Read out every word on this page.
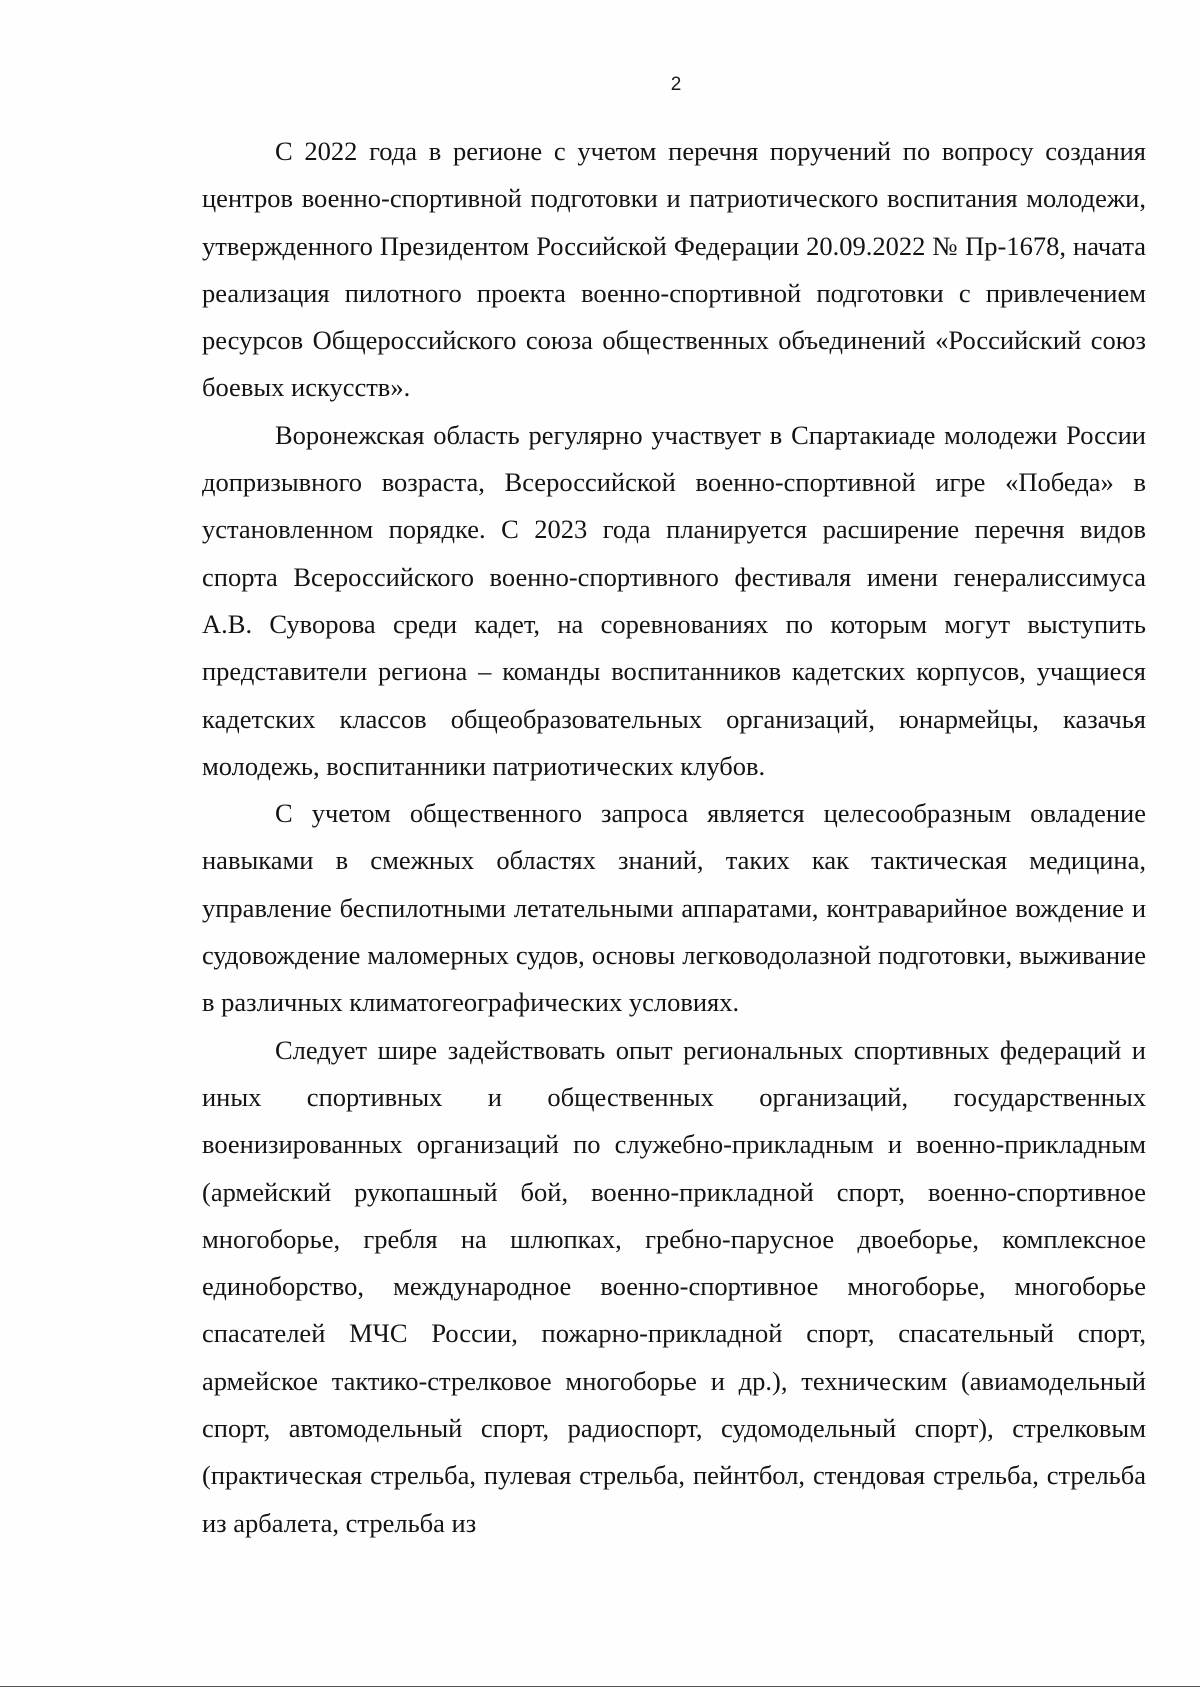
2

С 2022 года в регионе с учетом перечня поручений по вопросу создания центров военно-спортивной подготовки и патриотического воспитания молодежи, утвержденного Президентом Российской Федерации 20.09.2022 № Пр-1678, начата реализация пилотного проекта военно-спортивной подготовки с привлечением ресурсов Общероссийского союза общественных объединений «Российский союз боевых искусств».

Воронежская область регулярно участвует в Спартакиаде молодежи России допризывного возраста, Всероссийской военно-спортивной игре «Победа» в установленном порядке. С 2023 года планируется расширение перечня видов спорта Всероссийского военно-спортивного фестиваля имени генералиссимуса А.В. Суворова среди кадет, на соревнованиях по которым могут выступить представители региона – команды воспитанников кадетских корпусов, учащиеся кадетских классов общеобразовательных организаций, юнармейцы, казачья молодежь, воспитанники патриотических клубов.

С учетом общественного запроса является целесообразным овладение навыками в смежных областях знаний, таких как тактическая медицина, управление беспилотными летательными аппаратами, контраварийное вождение и судовождение маломерных судов, основы легководолазной подготовки, выживание в различных климатогеографических условиях.

Следует шире задействовать опыт региональных спортивных федераций и иных спортивных и общественных организаций, государственных военизированных организаций по служебно-прикладным и военно-прикладным (армейский рукопашный бой, военно-прикладной спорт, военно-спортивное многоборье, гребля на шлюпках, гребно-парусное двоеборье, комплексное единоборство, международное военно-спортивное многоборье, многоборье спасателей МЧС России, пожарно-прикладной спорт, спасательный спорт, армейское тактико-стрелковое многоборье и др.), техническим (авиамодельный спорт, автомодельный спорт, радиоспорт, судомодельный спорт), стрелковым (практическая стрельба, пулевая стрельба, пейнтбол, стендовая стрельба, стрельба из арбалета, стрельба из
